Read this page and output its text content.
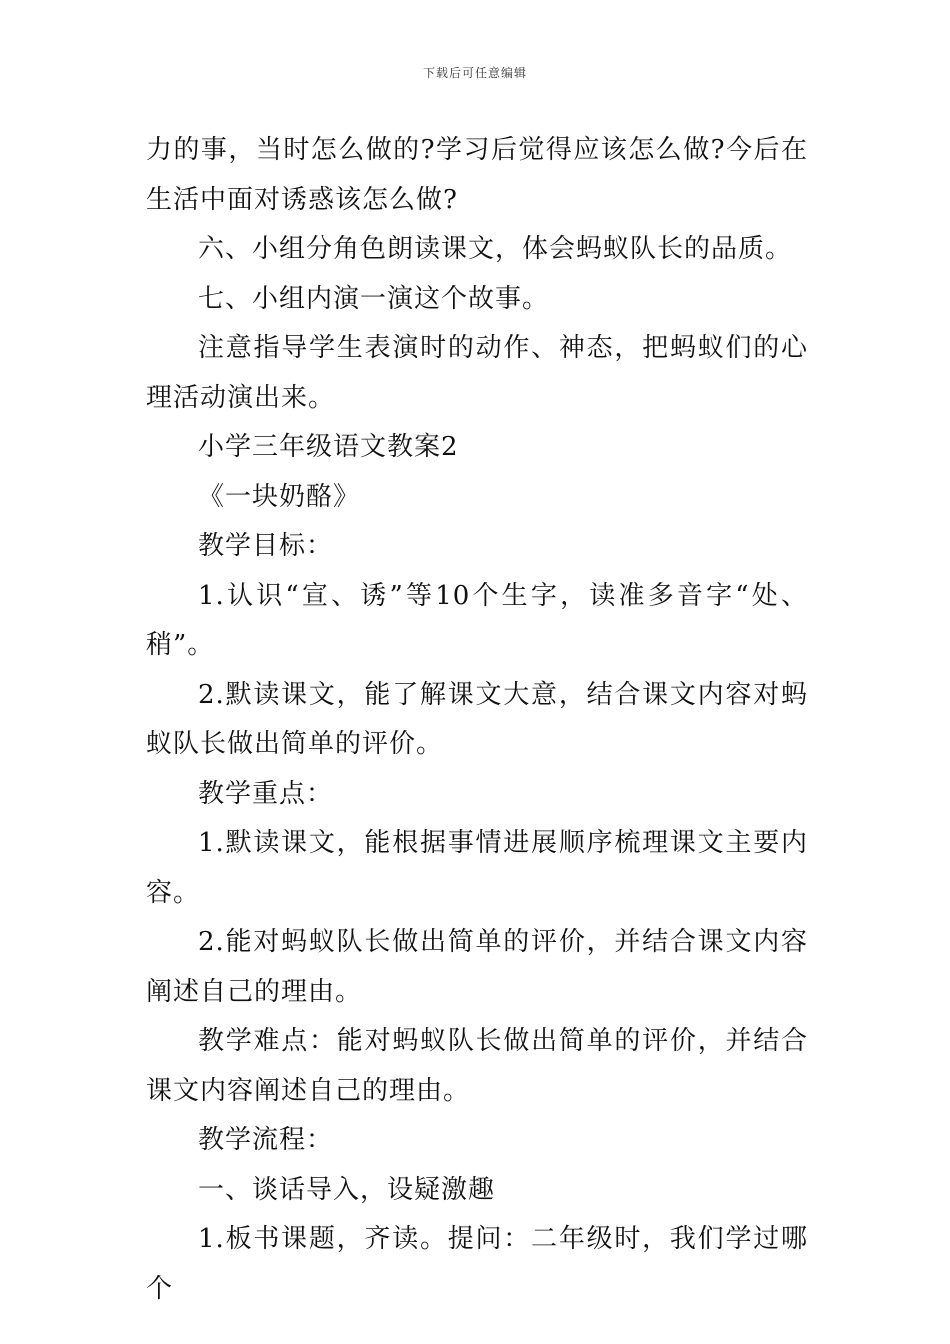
下载后可任意编辑

力的事，当时怎么做的?学习后觉得应该怎么做?今后在生活中面对诱惑该怎么做?

六、小组分角色朗读课文，体会蚂蚁队长的品质。

七、小组内演一演这个故事。

注意指导学生表演时的动作、神态，把蚂蚁们的心理活动演出来。

小学三年级语文教案2

《一块奶酪》

教学目标：

1.认识“宣、诱”等10个生字，读准多音字“处、稍”。

2.默读课文，能了解课文大意，结合课文内容对蚂蚁队长做出简单的评价。

教学重点：

1.默读课文，能根据事情进展顺序梳理课文主要内容。

2.能对蚂蚁队长做出简单的评价，并结合课文内容阐述自己的理由。

教学难点：能对蚂蚁队长做出简单的评价，并结合课文内容阐述自己的理由。

教学流程：

一、谈话导入，设疑激趣

1.板书课题，齐读。提问：二年级时，我们学过哪个
